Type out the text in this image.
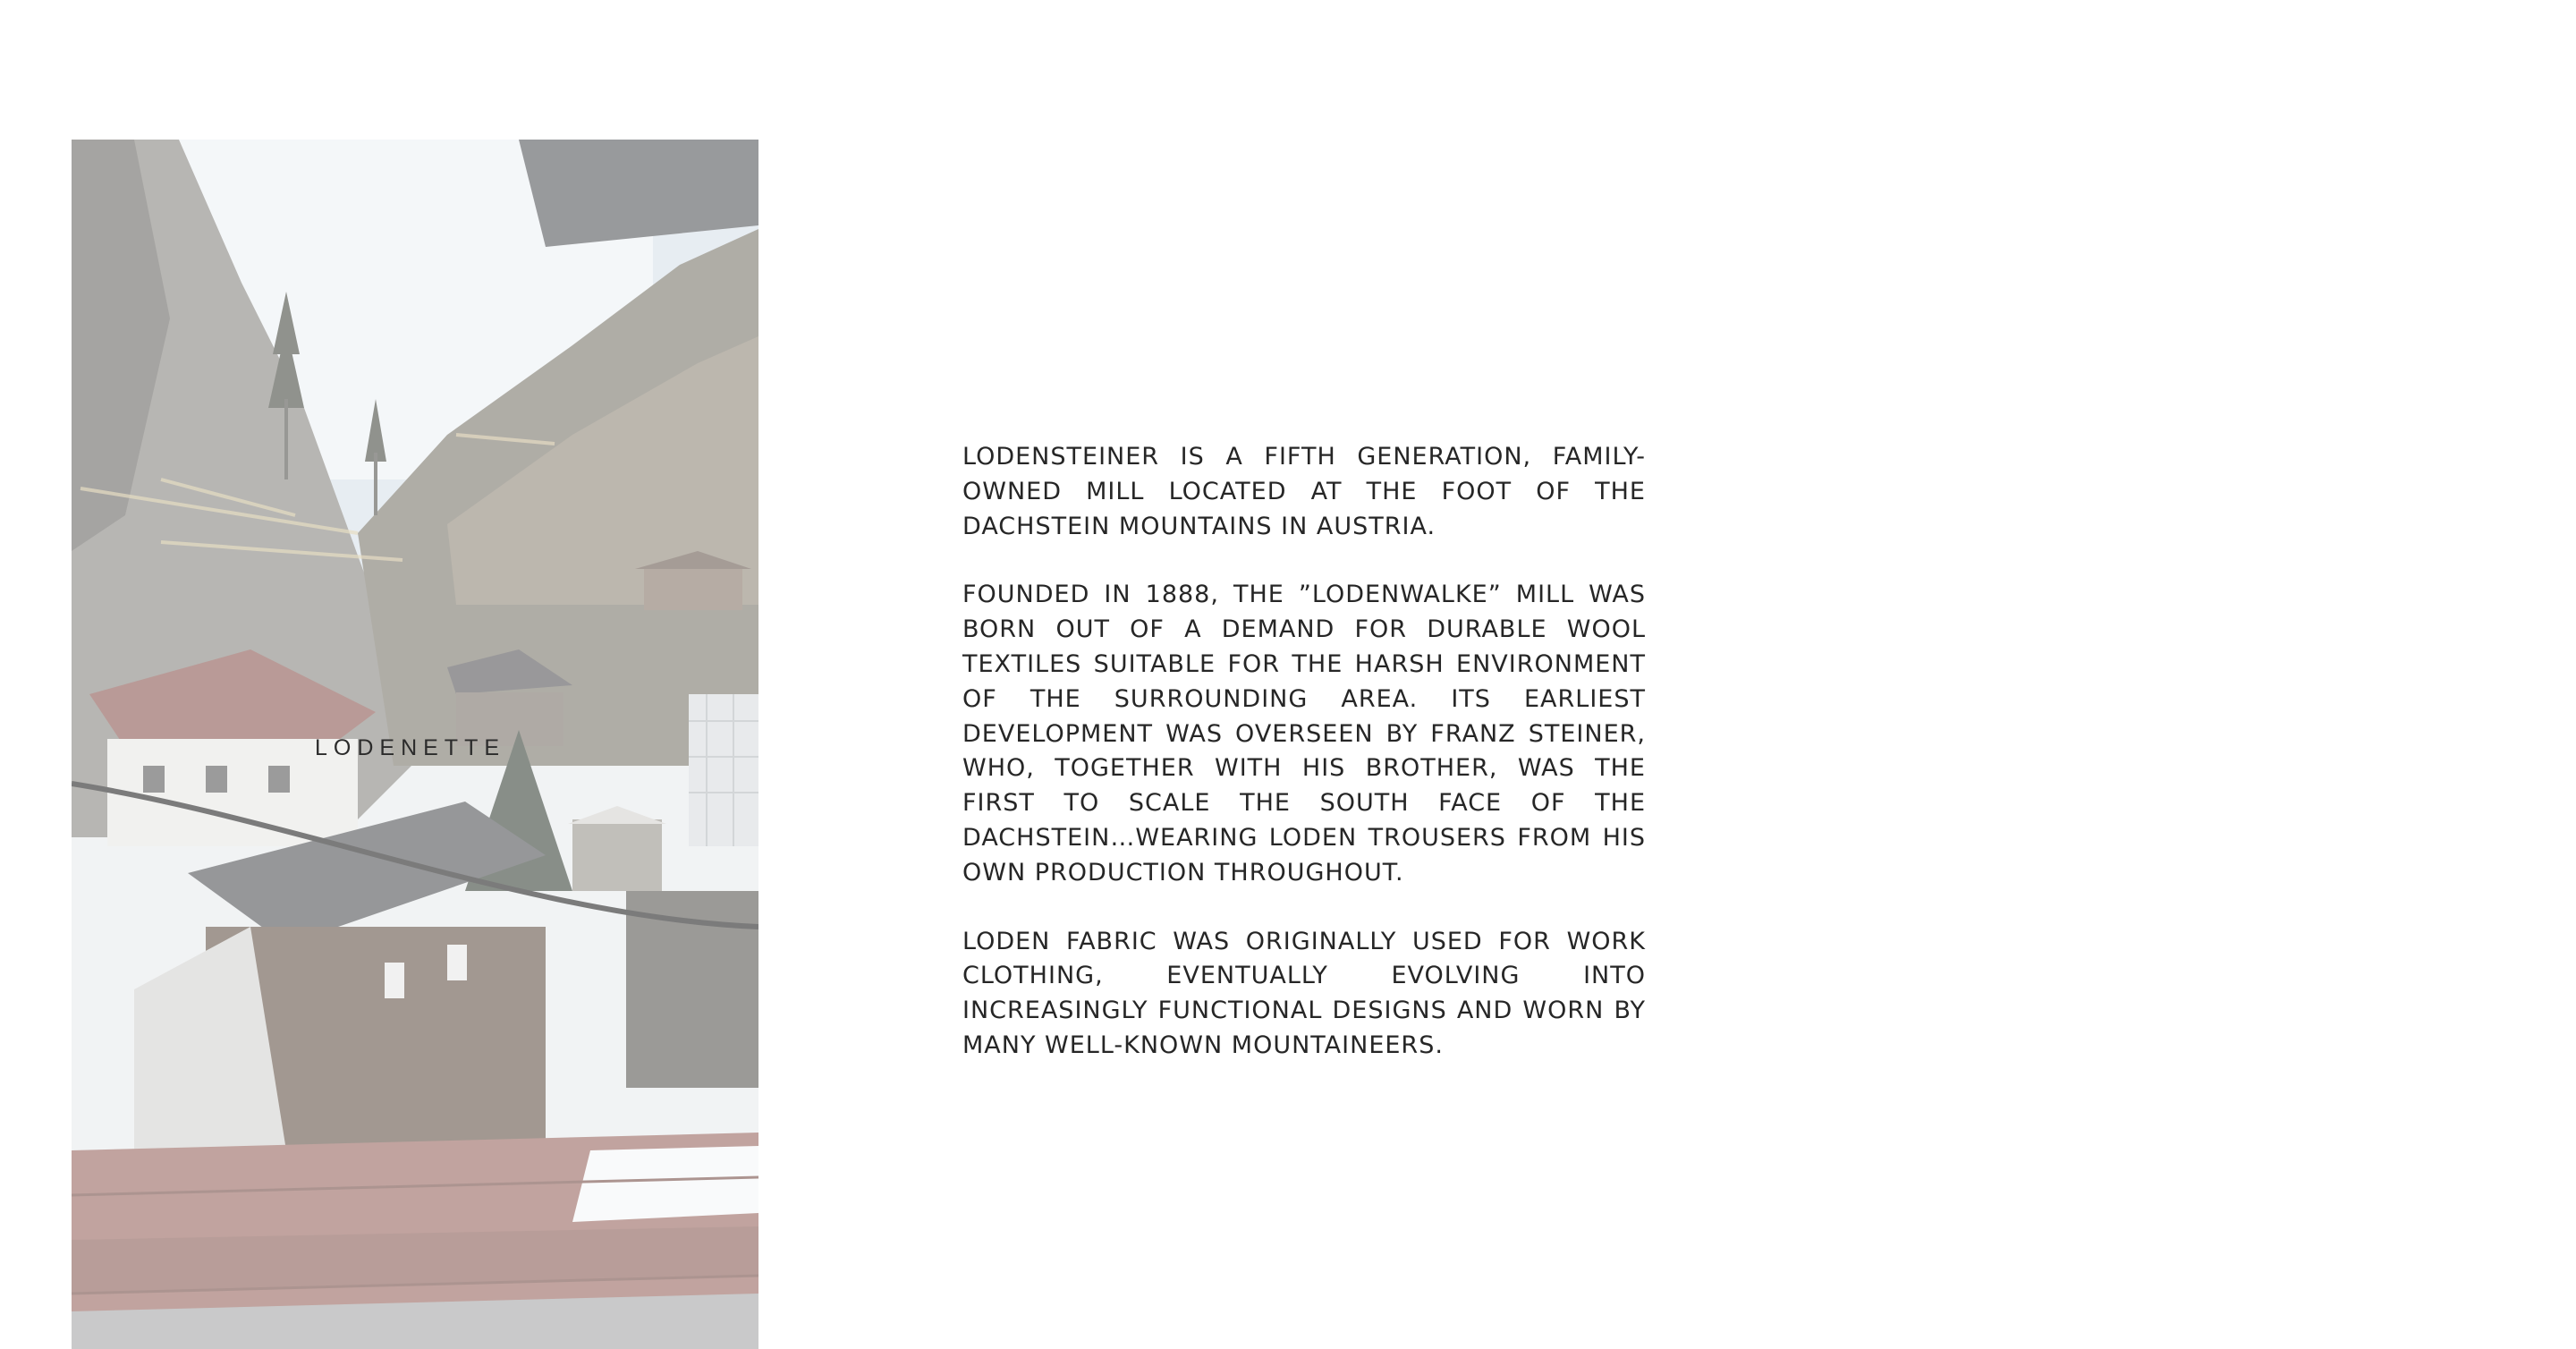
LODENETTE

LODENSTEINER IS A FIFTH GENERATION, FAMILY-OWNED MILL LOCATED AT THE FOOT OF THE DACHSTEIN MOUNTAINS IN AUSTRIA.

FOUNDED IN 1888, THE ”LODENWALKE” MILL WAS BORN OUT OF A DEMAND FOR DURABLE WOOL TEXTILES SUITABLE FOR THE HARSH ENVIRONMENT OF THE SURROUNDING AREA. ITS EARLIEST DEVELOPMENT WAS OVERSEEN BY FRANZ STEINER, WHO, TOGETHER WITH HIS BROTHER, WAS THE FIRST TO SCALE THE SOUTH FACE OF THE DACHSTEIN…WEARING LODEN TROUSERS FROM HIS OWN PRODUCTION THROUGHOUT.

LODEN FABRIC WAS ORIGINALLY USED FOR WORK CLOTHING, EVENTUALLY EVOLVING INTO INCREASINGLY FUNCTIONAL DESIGNS AND WORN BY MANY WELL-KNOWN MOUNTAINEERS.
